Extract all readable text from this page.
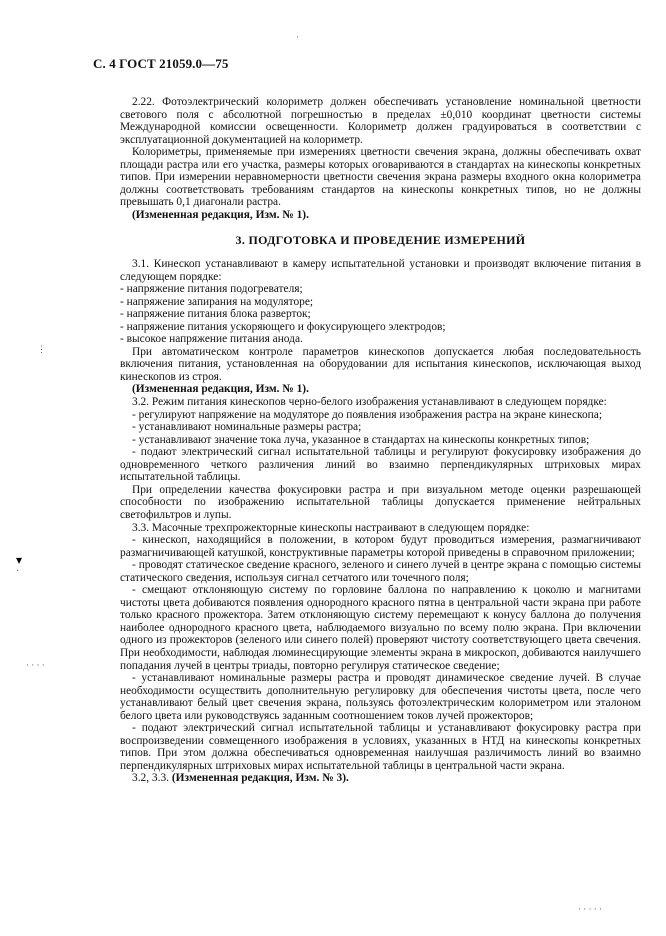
С. 4 ГОСТ 21059.0—75
·
⋮
▾
·
· · · ·
· · · · ·

2.22. Фотоэлектрический колориметр должен обеспечивать установление номинальной цветности светового поля с абсолютной погрешностью в пределах ±0,010 координат цветности системы Международной комиссии освещенности. Колориметр должен градуироваться в соответствии с эксплуатационной документацией на колориметр.

Колориметры, применяемые при измерениях цветности свечения экрана, должны обеспечивать охват площади растра или его участка, размеры которых оговариваются в стандартах на кинескопы конкретных типов. При измерении неравномерности цветности свечения экрана размеры входного окна колориметра должны соответствовать требованиям стандартов на кинескопы конкретных типов, но не должны превышать 0,1 диагонали растра.

(Измененная редакция, Изм. № 1).

3. ПОДГОТОВКА И ПРОВЕДЕНИЕ ИЗМЕРЕНИЙ

3.1. Кинескоп устанавливают в камеру испытательной установки и производят включение питания в следующем порядке:

- напряжение питания подогревателя;

- напряжение запирания на модуляторе;

- напряжение питания блока разверток;

- напряжение питания ускоряющего и фокусирующего электродов;

- высокое напряжение питания анода.

При автоматическом контроле параметров кинескопов допускается любая последовательность включения питания, установленная на оборудовании для испытания кинескопов, исключающая выход кинескопов из строя.

(Измененная редакция, Изм. № 1).

3.2. Режим питания кинескопов черно-белого изображения устанавливают в следующем порядке:

- регулируют напряжение на модуляторе до появления изображения растра на экране кинескопа;

- устанавливают номинальные размеры растра;

- устанавливают значение тока луча, указанное в стандартах на кинескопы конкретных типов;

- подают электрический сигнал испытательной таблицы и регулируют фокусировку изображения до одновременного четкого различения линий во взаимно перпендикулярных штриховых мирах испытательной таблицы.

При определении качества фокусировки растра и при визуальном методе оценки разрешающей способности по изображению испытательной таблицы допускается применение нейтральных светофильтров и лупы.

3.3. Масочные трехпрожекторные кинескопы настраивают в следующем порядке:

- кинескоп, находящийся в положении, в котором будут проводиться измерения, размагничивают размагничивающей катушкой, конструктивные параметры которой приведены в справочном приложении;

- проводят статическое сведение красного, зеленого и синего лучей в центре экрана с помощью системы статического сведения, используя сигнал сетчатого или точечного поля;

- смещают отклоняющую систему по горловине баллона по направлению к цоколю и магнитами чистоты цвета добиваются появления однородного красного пятна в центральной части экрана при работе только красного прожектора. Затем отклоняющую систему перемещают к конусу баллона до получения наиболее однородного красного цвета, наблюдаемого визуально по всему полю экрана. При включении одного из прожекторов (зеленого или синего полей) проверяют чистоту соответствующего цвета свечения. При необходимости, наблюдая люминесцирующие элементы экрана в микроскоп, добиваются наилучшего попадания лучей в центры триады, повторно регулируя статическое сведение;

- устанавливают номинальные размеры растра и проводят динамическое сведение лучей. В случае необходимости осуществить дополнительную регулировку для обеспечения чистоты цвета, после чего устанавливают белый цвет свечения экрана, пользуясь фотоэлектрическим колориметром или эталоном белого цвета или руководствуясь заданным соотношением токов лучей прожекторов;

- подают электрический сигнал испытательной таблицы и устанавливают фокусировку растра при воспроизведении совмещенного изображения в условиях, указанных в НТД на кинескопы конкретных типов. При этом должна обеспечиваться одновременная наилучшая различимость линий во взаимно перпендикулярных штриховых мирах испытательной таблицы в центральной части экрана.

3.2, 3.3. (Измененная редакция, Изм. № 3).
